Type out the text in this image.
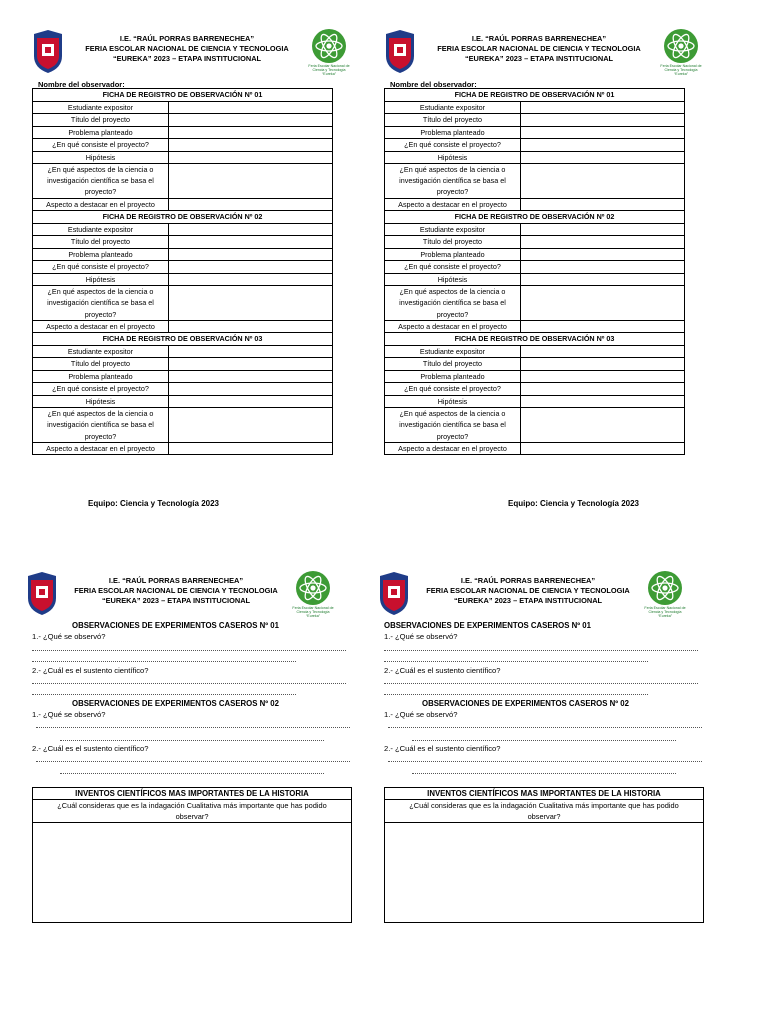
I.E. “RAÚL PORRAS BARRENECHEA”
FERIA ESCOLAR NACIONAL DE CIENCIA Y TECNOLOGIA
“EUREKA” 2023 – ETAPA INSTITUCIONAL
Feria Escolar Nacional de
Ciencia y Tecnología
“Eureka”
Nombre del observador:
FICHA DE REGISTRO DE OBSERVACIÓN Nº 01	
Estudiante expositor	
Título del proyecto	
Problema planteado	
¿En qué consiste el proyecto?	
Hipótesis	

¿En qué aspectos de la ciencia o
investigación científica se basa el
proyecto?	

Aspecto a destacar en el proyecto	
FICHA DE REGISTRO DE OBSERVACIÓN Nº 02	
Estudiante expositor	
Título del proyecto	
Problema planteado	
¿En qué consiste el proyecto?	
Hipótesis	

¿En qué aspectos de la ciencia o
investigación científica se basa el
proyecto?	

Aspecto a destacar en el proyecto	
FICHA DE REGISTRO DE OBSERVACIÓN Nº 03	
Estudiante expositor	
Título del proyecto	
Problema planteado	
¿En qué consiste el proyecto?	
Hipótesis	

¿En qué aspectos de la ciencia o
investigación científica se basa el
proyecto?	

Aspecto a destacar en el proyecto	
I.E. “RAÚL PORRAS BARRENECHEA”
FERIA ESCOLAR NACIONAL DE CIENCIA Y TECNOLOGIA
“EUREKA” 2023 – ETAPA INSTITUCIONAL
Feria Escolar Nacional de
Ciencia y Tecnología
“Eureka”
Nombre del observador:
FICHA DE REGISTRO DE OBSERVACIÓN Nº 01	
Estudiante expositor	
Título del proyecto	
Problema planteado	
¿En qué consiste el proyecto?	
Hipótesis	

¿En qué aspectos de la ciencia o
investigación científica se basa el
proyecto?	

Aspecto a destacar en el proyecto	
FICHA DE REGISTRO DE OBSERVACIÓN Nº 02	
Estudiante expositor	
Título del proyecto	
Problema planteado	
¿En qué consiste el proyecto?	
Hipótesis	

¿En qué aspectos de la ciencia o
investigación científica se basa el
proyecto?	

Aspecto a destacar en el proyecto	
FICHA DE REGISTRO DE OBSERVACIÓN Nº 03	
Estudiante expositor	
Título del proyecto	
Problema planteado	
¿En qué consiste el proyecto?	
Hipótesis	

¿En qué aspectos de la ciencia o
investigación científica se basa el
proyecto?	

Aspecto a destacar en el proyecto	
Equipo: Ciencia y Tecnología 2023	Equipo: Ciencia y Tecnología 2023
I.E. “RAÚL PORRAS BARRENECHEA”
FERIA ESCOLAR NACIONAL DE CIENCIA Y TECNOLOGIA
“EUREKA” 2023 – ETAPA INSTITUCIONAL
Feria Escolar Nacional de
Ciencia y Tecnología
“Eureka”
OBSERVACIONES DE EXPERIMENTOS CASEROS Nº 01
1.- ¿Qué se observó?
2.- ¿Cuál es el sustento científico?
OBSERVACIONES DE EXPERIMENTOS CASEROS Nº 02
1.- ¿Qué se observó?
2.- ¿Cuál es el sustento científico?
INVENTOS CIENTÍFICOS MAS IMPORTANTES DE LA HISTORIA
¿Cuál consideras que es la indagación Cualitativa más importante que has podido
observar?
I.E. “RAÚL PORRAS BARRENECHEA”
FERIA ESCOLAR NACIONAL DE CIENCIA Y TECNOLOGIA
“EUREKA” 2023 – ETAPA INSTITUCIONAL
Feria Escolar Nacional de
Ciencia y Tecnología
“Eureka”
OBSERVACIONES DE EXPERIMENTOS CASEROS Nº 01
1.- ¿Qué se observó?
2.- ¿Cuál es el sustento científico?
OBSERVACIONES DE EXPERIMENTOS CASEROS Nº 02
1.- ¿Qué se observó?
2.- ¿Cuál es el sustento científico?
INVENTOS CIENTÍFICOS MAS IMPORTANTES DE LA HISTORIA
¿Cuál consideras que es la indagación Cualitativa más importante que has podido
observar?
